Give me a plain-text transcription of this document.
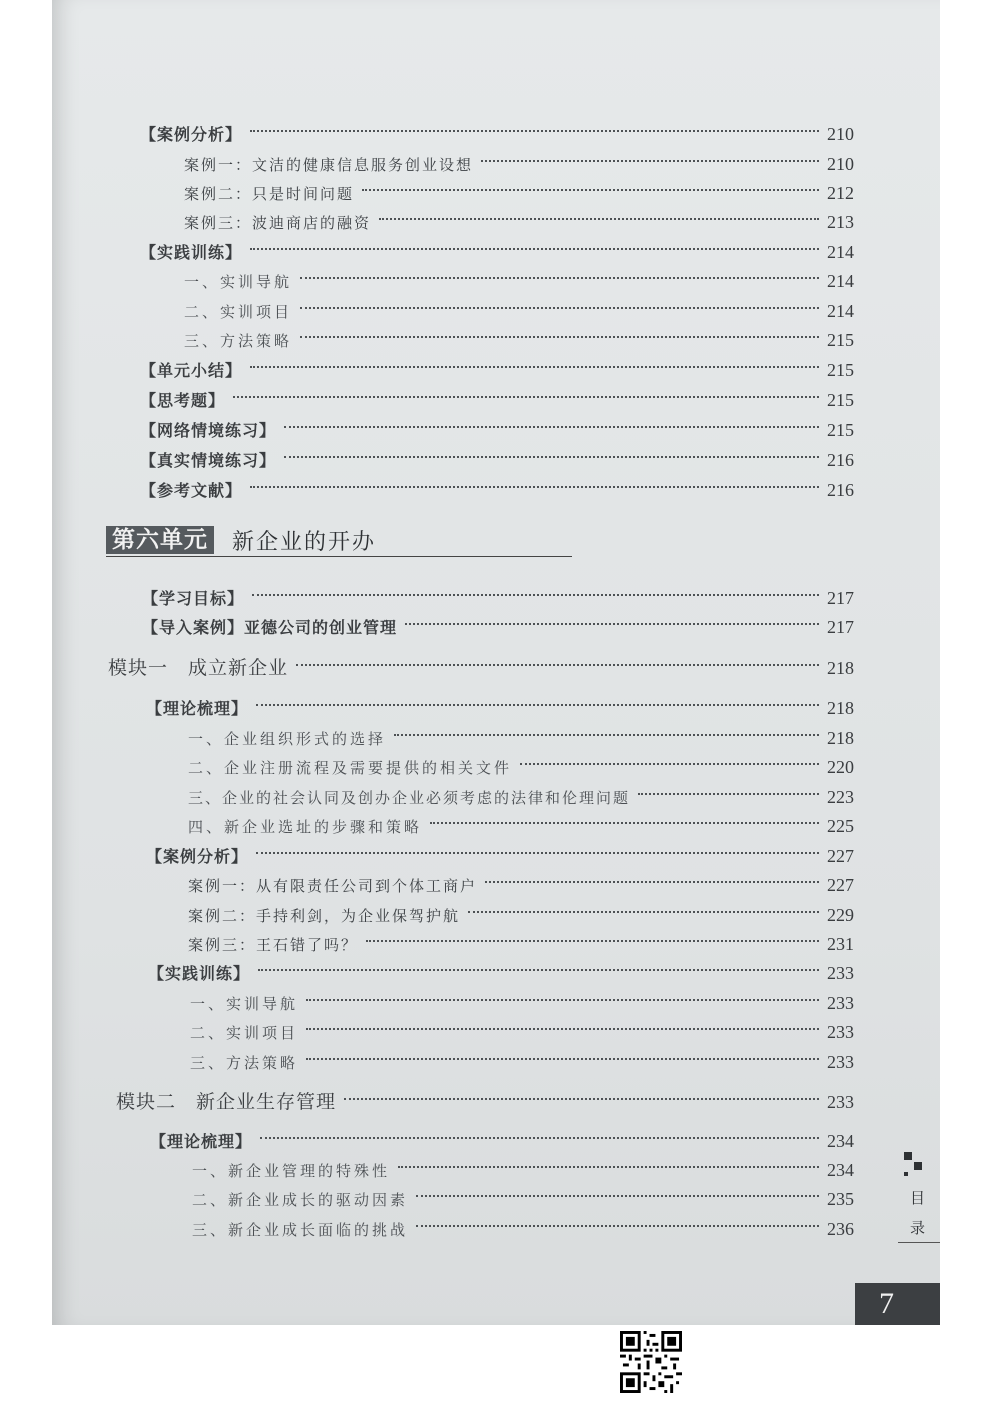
【案例分析】	210
案例一：文洁的健康信息服务创业设想	210
案例二：只是时间问题	212
案例三：波迪商店的融资	213
【实践训练】	214
一、实训导航	214
二、实训项目	214
三、方法策略	215
【单元小结】	215
【思考题】	215
【网络情境练习】	215
【真实情境练习】	216
【参考文献】	216
第六单元 新企业的开办
【学习目标】	217
【导入案例】亚德公司的创业管理	217
模块一　成立新企业	218
【理论梳理】	218
一、企业组织形式的选择	218
二、企业注册流程及需要提供的相关文件	220
三、企业的社会认同及创办企业必须考虑的法律和伦理问题	223
四、新企业选址的步骤和策略	225
【案例分析】	227
案例一：从有限责任公司到个体工商户	227
案例二：手持利剑，为企业保驾护航	229
案例三：王石错了吗？	231
【实践训练】	233
一、实训导航	233
二、实训项目	233
三、方法策略	233
模块二　新企业生存管理	233
【理论梳理】	234
一、新企业管理的特殊性	234
二、新企业成长的驱动因素	235
三、新企业成长面临的挑战	236
目
录
7
